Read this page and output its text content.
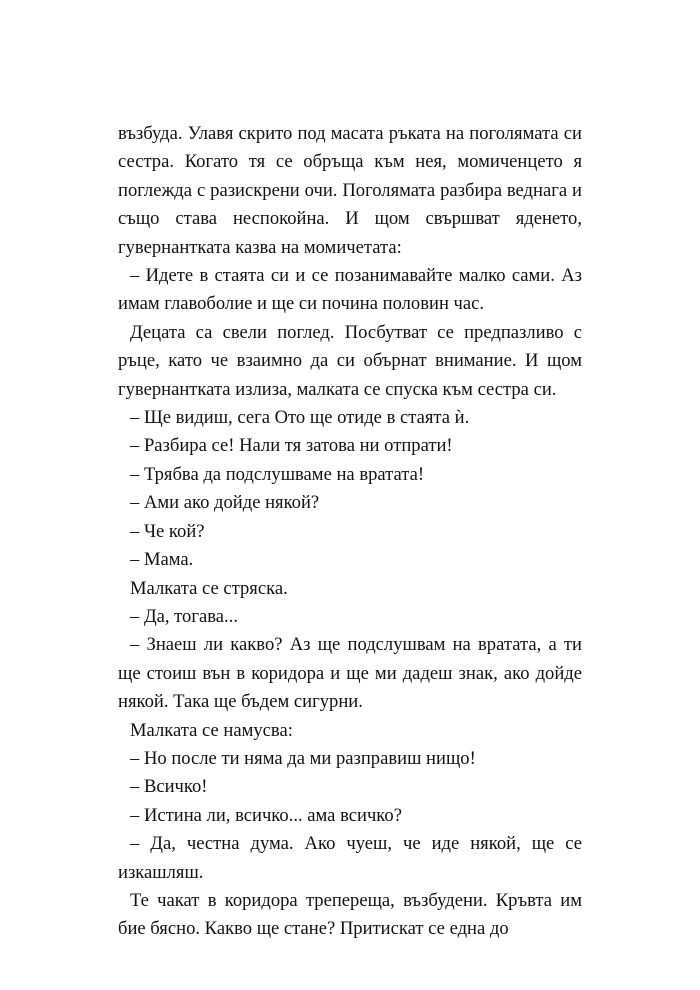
възбуда. Улавя скрито под масата ръката на поголямата си сестра. Когато тя се обръща към нея, момиченцето я поглежда с разискрени очи. Поголямата разбира веднага и също става неспокойна. И щом свършват яденето, гувернантката казва на момичетата:

– Идете в стаята си и се позанимавайте малко сами. Аз имам главоболие и ще си почина половин час.

Децата са свели поглед. Посбутват се предпазливо с ръце, като че взаимно да си обърнат внимание. И щом гувернантката излиза, малката се спуска към сестра си.

– Ще видиш, сега Ото ще отиде в стаята ѝ.

– Разбира се! Нали тя затова ни отпрати!

– Трябва да подслушваме на вратата!

– Ами ако дойде някой?

– Че кой?

– Мама.

Малката се стряска.

– Да, тогава...

– Знаеш ли какво? Аз ще подслушвам на вратата, а ти ще стоиш вън в коридора и ще ми дадеш знак, ако дойде някой. Така ще бъдем сигурни.

Малката се намусва:

– Но после ти няма да ми разправиш нищо!

– Всичко!

– Истина ли, всичко... ама всичко?

– Да, честна дума. Ако чуеш, че иде някой, ще се изкашляш.

Те чакат в коридора трепереща, възбудени. Кръвта им бие бясно. Какво ще стане? Притискат се една до
